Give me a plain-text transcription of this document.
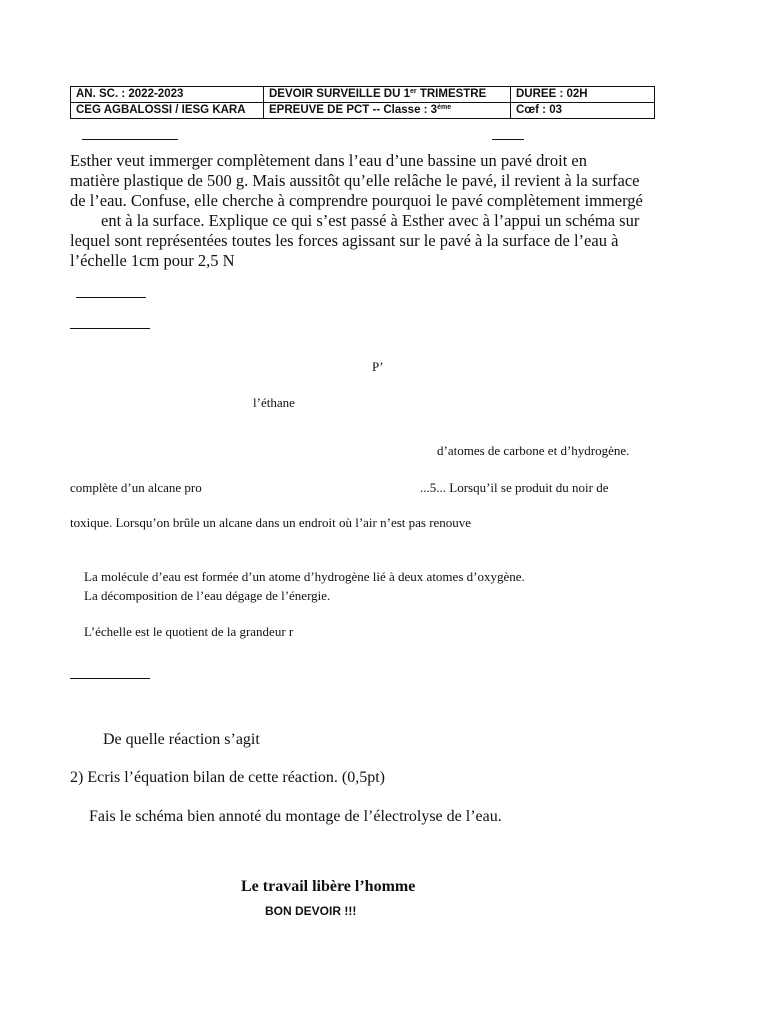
AN. SC. : 2022-2023	DEVOIR SURVEILLE DU 1er TRIMESTRE	DUREE : 02H
CEG AGBALOSSI / IESG KARA	EPREUVE DE PCT -- Classe : 3ème	Cœf : 03
Esther veut immerger complètement dans l’eau d’une bassine un pavé droit en
matière plastique de 500 g. Mais aussitôt qu’elle relâche le pavé, il revient à la surface
de l’eau. Confuse, elle cherche à comprendre pourquoi le pavé complètement immergé
ent à la surface. Explique ce qui s’est passé à Esther avec à l’appui un schéma sur
lequel sont représentées toutes les forces agissant sur le pavé à la surface de l’eau à
l’échelle 1cm pour 2,5 N
P’
l’éthane
d’atomes de carbone et d’hydrogène.
complète d’un alcane pro	...5... Lorsqu’il se produit du noir de
toxique. Lorsqu’on brûle un alcane dans un endroit où l’air n’est pas renouve
La molécule d’eau est formée d’un atome d’hydrogène lié à deux atomes d’oxygène.
La décomposition de l’eau dégage de l’énergie.
L’échelle est le quotient de la grandeur r
De quelle réaction s’agit
2) Ecris l’équation bilan de cette réaction. (0,5pt)
Fais le schéma bien annoté du montage de l’électrolyse de l’eau.
Le travail libère l’homme
BON DEVOIR !!!
